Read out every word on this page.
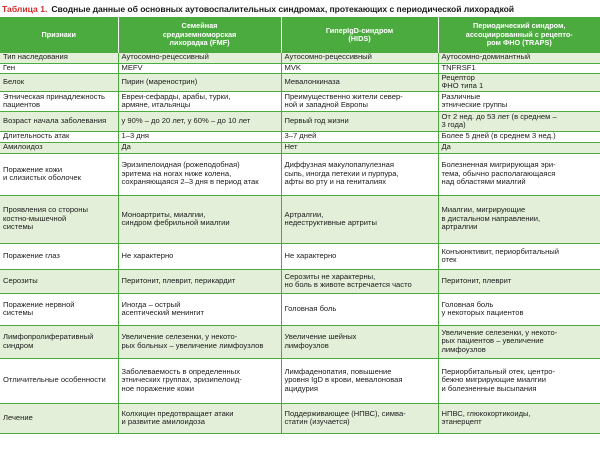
Таблица 1. Сводные данные об основных аутовоспалительных синдромах, протекающих с периодической лихорадкой
Признаки	Семейная
средиземноморская
лихорадка (FMF)	ГиперIgD-синдром
(HIDS)	Периодический синдром,
ассоциированный с рецепто-
ром ФНО (TRAPS)

Тип наследования	Аутосомно-рецессивный	Аутосомно-рецессивный	Аутосомно-доминантный

Ген	MEFV	MVK	TNFRSF1

Белок	Пирин (маренострин)	Мевалонкиназа	Рецептор
ФНО типа 1

Этническая принадлежность
пациентов	Евреи-сефарды, арабы, турки,
армяне, итальянцы	Преимущественно жители север-
ной и западной Европы	Различные
этнические группы

Возраст начала заболевания	у 90% – до 20 лет, у 60% – до 10 лет	Первый год жизни	От 2 нед. до 53 лет (в среднем –
3 года)

Длительность атак	1–3 дня	3–7 дней	Более 5 дней (в среднем 3 нед.)

Амилоидоз	Да	Нет	Да

Поражение кожи
и слизистых оболочек	Эризипелоидная (рожеподобная)
эритема на ногах ниже колена,
сохраняющаяся 2–3 дня в период атак	Диффузная макулопапулезная
сыпь, иногда петехии и пурпура,
афты во рту и на гениталиях	Болезненная мигрирующая эри-
тема, обычно располагающаяся
над областями миалгий

Проявления со стороны
костно-мышечной
системы	Моноартриты, миалгии,
синдром фебрильной миалгии	Артралгии,
недеструктивные артриты	Миалгии, мигрирующие
в дистальном направлении,
артралгии

Поражение глаз	Не характерно	Не характерно	Конъюнктивит, периорбитальный
отек

Серозиты	Перитонит, плеврит, перикардит	Серозиты не характерны,
но боль в животе встречается часто	Перитонит, плеврит

Поражение нервной
системы	Иногда – острый
асептический менингит	Головная боль	Головная боль
у некоторых пациентов

Лимфопролиферативный
синдром	Увеличение селезенки, у некото-
рых больных – увеличение лимфоузлов	Увеличение шейных
лимфоузлов	Увеличение селезенки, у некото-
рых пациентов – увеличение
лимфоузлов

Отличительные особенности	Заболеваемость в определенных
этнических группах, эризипелоид-
ное поражение кожи	Лимфаденопатия, повышение
уровня IgD в крови, мевалоновая
ацидурия	Периорбитальный отек, центро-
бежно мигрирующие миалгии
и болезненные высыпания

Лечение	Колхицин предотвращает атаки
и развитие амилоидоза	Поддерживающее (НПВС), симва-
статин (изучается)	НПВС, глюкокортикоиды,
этанерцепт
